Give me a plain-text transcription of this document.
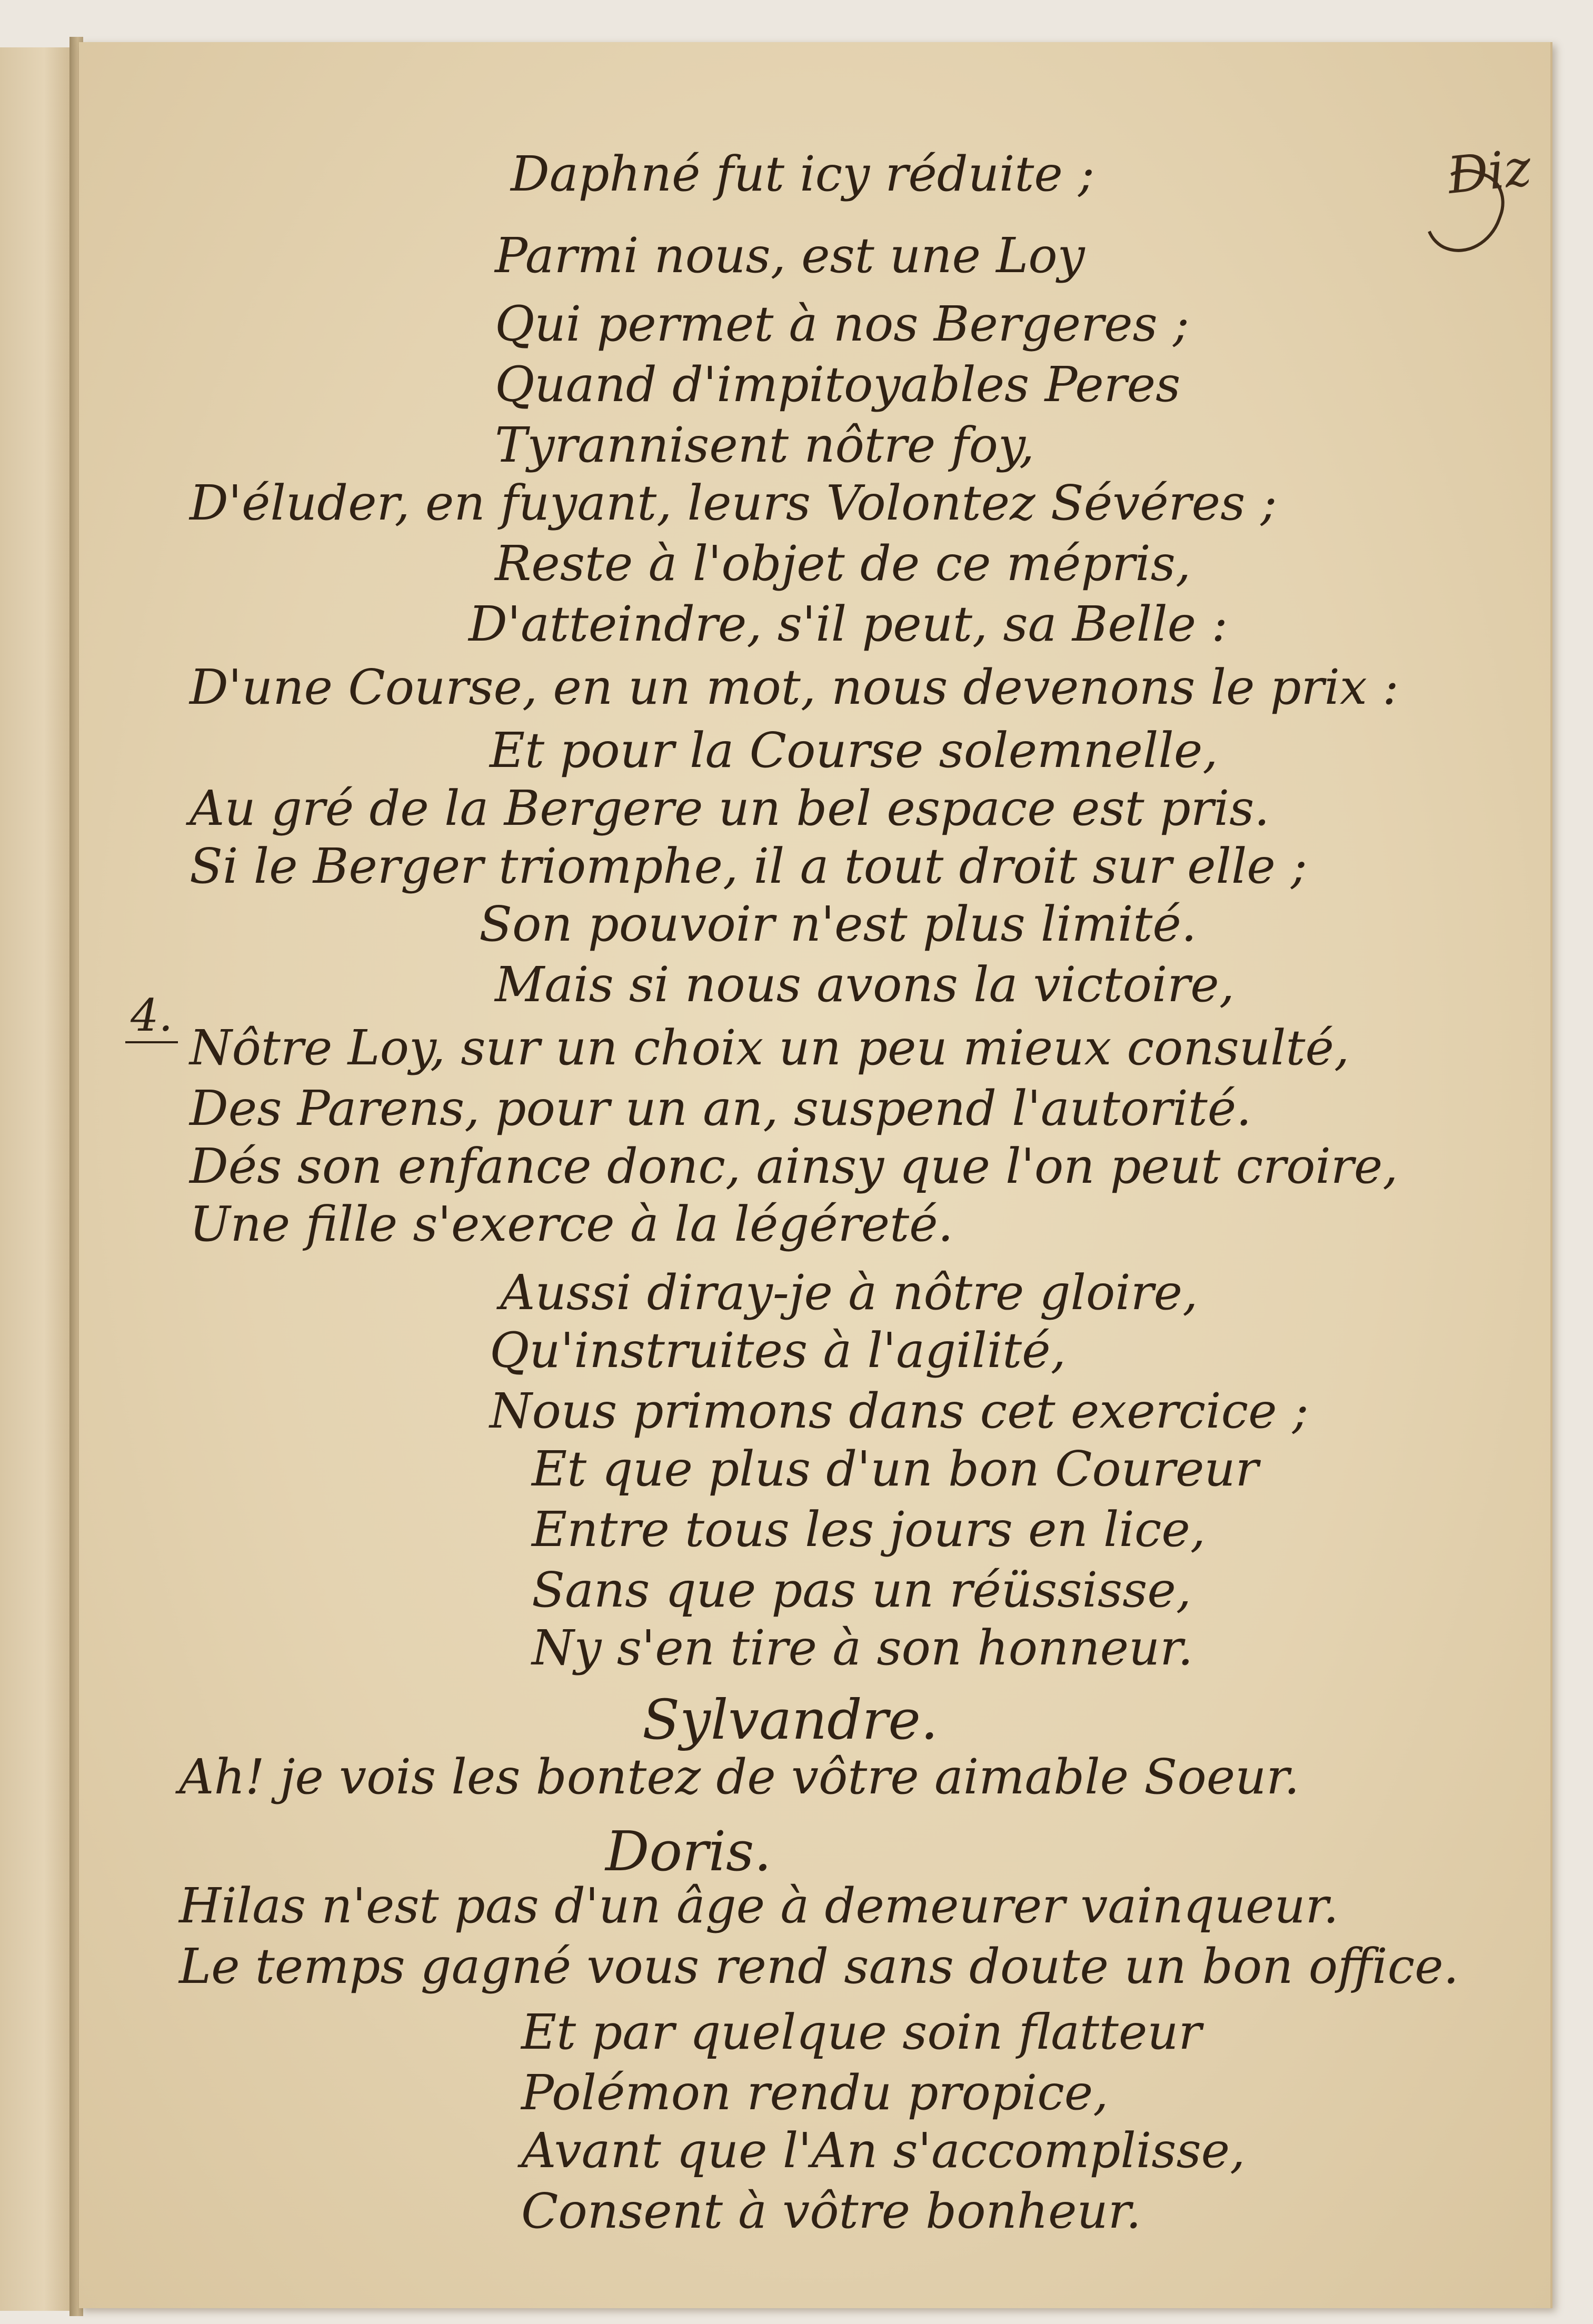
Diz
4.
Daphné fut icy réduite ;
Parmi nous, est une Loy
Qui permet à nos Bergeres ;
Quand d'impitoyables Peres
Tyrannisent nôtre foy,
D'éluder, en fuyant, leurs Volontez Sévéres ;
Reste à l'objet de ce mépris,
D'atteindre, s'il peut, sa Belle :
D'une Course, en un mot, nous devenons le prix :
Et pour la Course solemnelle,
Au gré de la Bergere un bel espace est pris.
Si le Berger triomphe, il a tout droit sur elle ;
Son pouvoir n'est plus limité.
Mais si nous avons la victoire,
Nôtre Loy, sur un choix un peu mieux consulté,
Des Parens, pour un an, suspend l'autorité.
Dés son enfance donc, ainsy que l'on peut croire,
Une fille s'exerce à la légéreté.
Aussi diray-je à nôtre gloire,
Qu'instruites à l'agilité,
Nous primons dans cet exercice ;
Et que plus d'un bon Coureur
Entre tous les jours en lice,
Sans que pas un réüssisse,
Ny s'en tire à son honneur.
Sylvandre.
Ah! je vois les bontez de vôtre aimable Soeur.
Doris.
Hilas n'est pas d'un âge à demeurer vainqueur.
Le temps gagné vous rend sans doute un bon office.
Et par quelque soin flatteur
Polémon rendu propice,
Avant que l'An s'accomplisse,
Consent à vôtre bonheur.
